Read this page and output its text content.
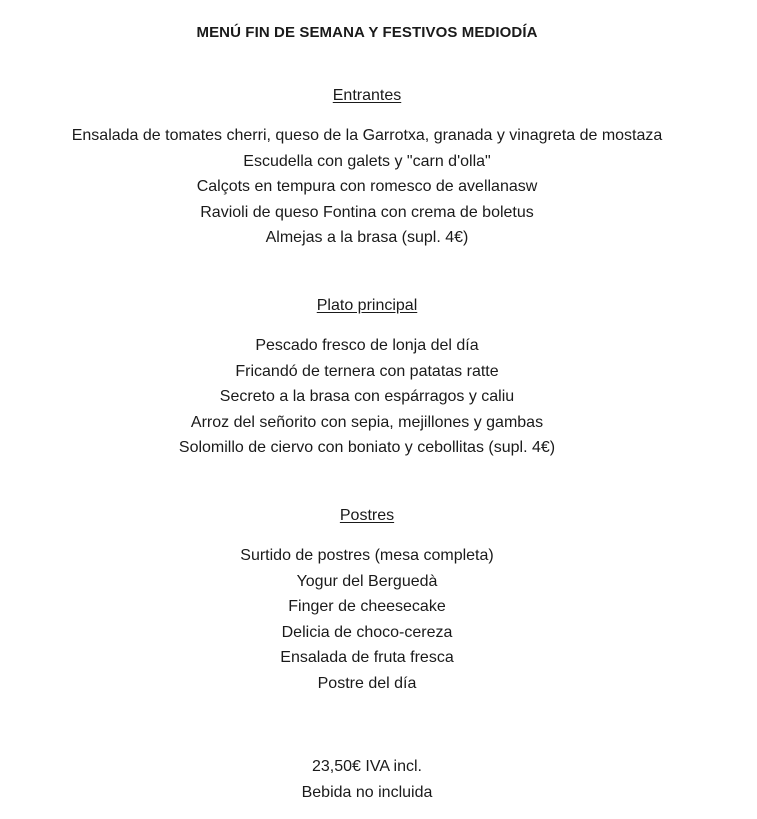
MENÚ FIN DE SEMANA Y FESTIVOS MEDIODÍA
Entrantes
Ensalada de tomates cherri, queso de la Garrotxa, granada y vinagreta de mostaza
Escudella con galets y "carn d'olla"
Calçots en tempura con romesco de avellanasw
Ravioli de queso Fontina con crema de boletus
Almejas a la brasa (supl. 4€)
Plato principal
Pescado fresco de lonja del día
Fricandó de ternera con patatas ratte
Secreto a la brasa con espárragos y caliu
Arroz del señorito con sepia, mejillones y gambas
Solomillo de ciervo con boniato y cebollitas (supl. 4€)
Postres
Surtido de postres (mesa completa)
Yogur del Berguedà
Finger de cheesecake
Delicia de choco-cereza
Ensalada de fruta fresca
Postre del día
23,50€ IVA incl.
Bebida no incluida
